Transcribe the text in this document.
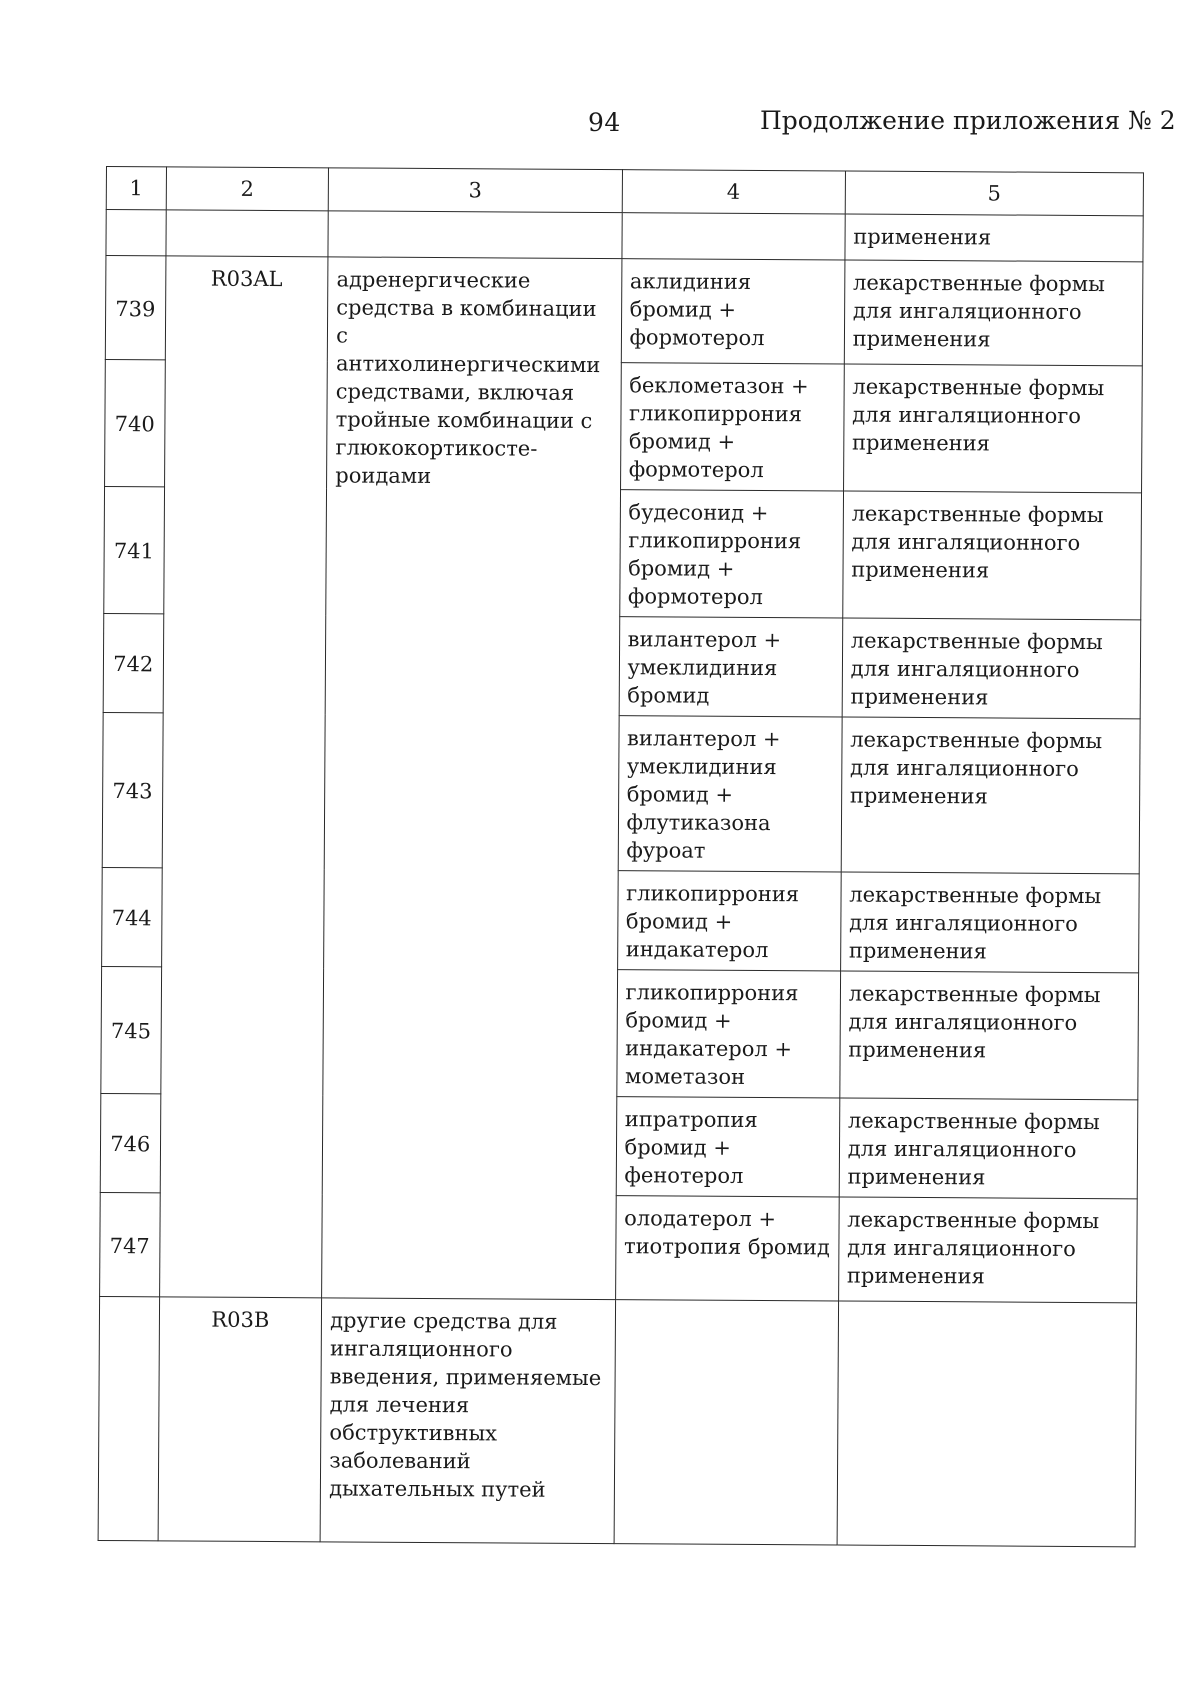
94	Продолжение приложения № 2
1	2	3	4	5
				применения
739	R03AL	адренергические средства в комбинации с антихолинергическими средствами, включая тройные комбинации с глюкокортикосте-роидами	аклидиния бромид + формотерол	лекарственные формы для ингаляционного применения
740			беклометазон + гликопиррония бромид + формотерол	лекарственные формы для ингаляционного применения
741			будесонид + гликопиррония бромид + формотерол	лекарственные формы для ингаляционного применения
742			вилантерол + умеклидиния бромид	лекарственные формы для ингаляционного применения
743			вилантерол + умеклидиния бромид + флутиказона фуроат	лекарственные формы для ингаляционного применения
744			гликопиррония бромид + индакатерол	лекарственные формы для ингаляционного применения
745			гликопиррония бромид + индакатерол + мометазон	лекарственные формы для ингаляционного применения
746			ипратропия бромид + фенотерол	лекарственные формы для ингаляционного применения
747			олодатерол + тиотропия бромид	лекарственные формы для ингаляционного применения
	R03B	другие средства для ингаляционного введения, применяемые для лечения обструктивных заболеваний дыхательных путей		
